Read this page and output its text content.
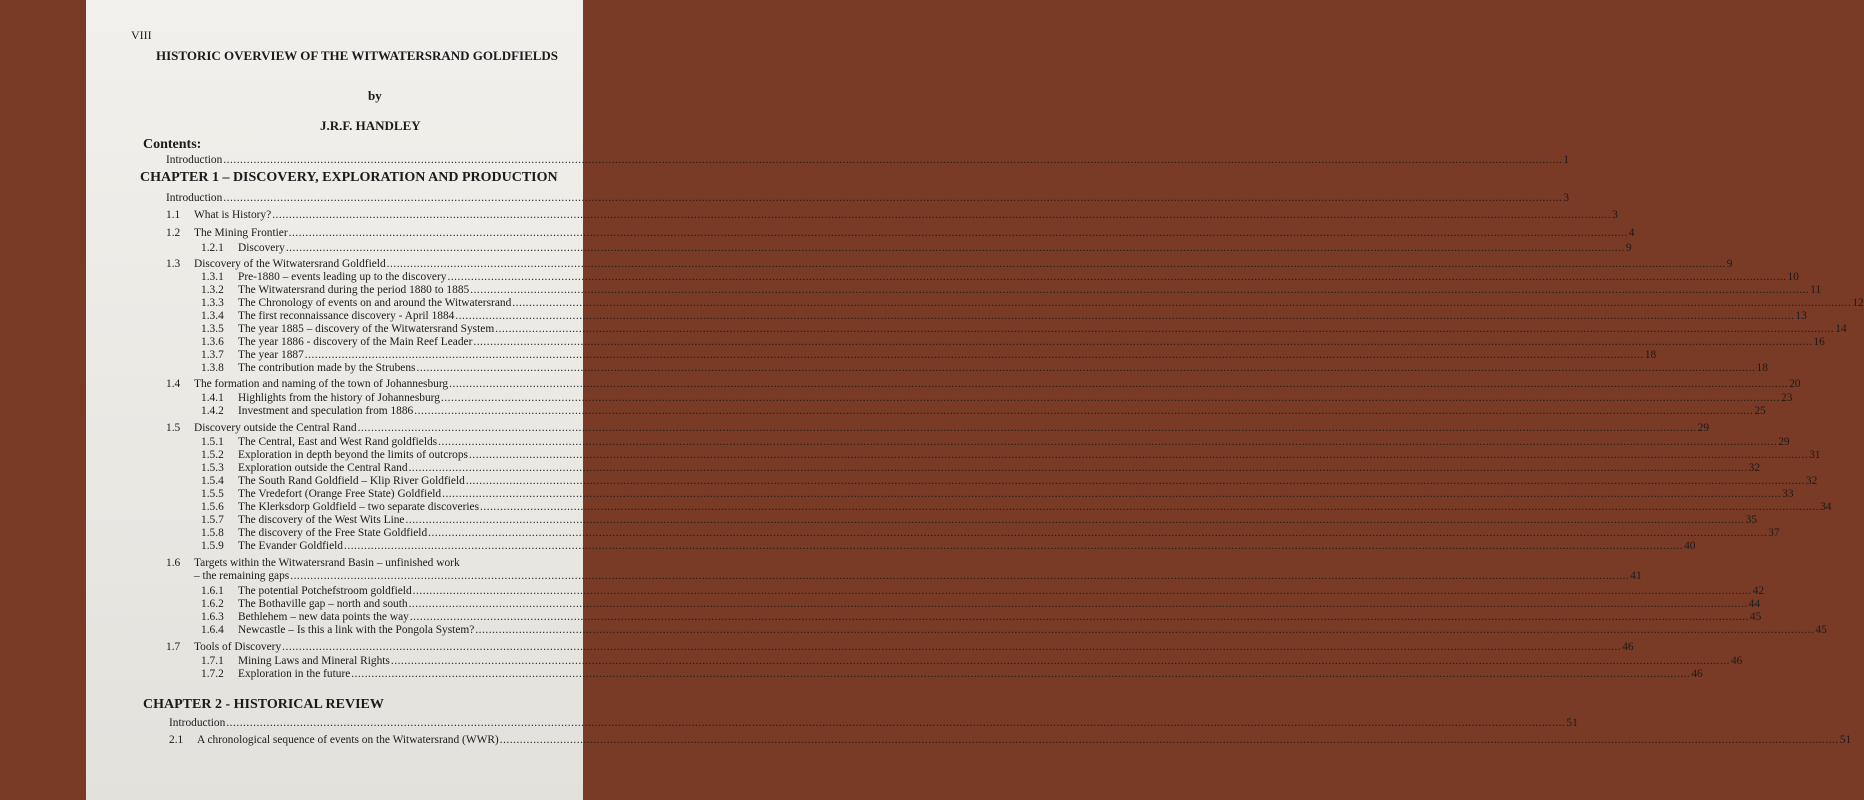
VIII
HISTORIC OVERVIEW OF THE WITWATERSRAND GOLDFIELDS
by
J.R.F. HANDLEY
Contents:
CHAPTER 1 – DISCOVERY, EXPLORATION AND PRODUCTION
CHAPTER 2 - HISTORICAL REVIEW
Introduction ................................................................................................................................................................................................................................................................................................................................................................................................................ 1
Introduction ................................................................................................................................................................................................................................................................................................................................................................................................................ 3
1.1	What is History? ................................................................................................................................................................................................................................................................................................................................................................................................................ 3
1.2	The Mining Frontier ................................................................................................................................................................................................................................................................................................................................................................................................................ 4
1.2.1	Discovery ................................................................................................................................................................................................................................................................................................................................................................................................................ 9
1.3	Discovery of the Witwatersrand Goldfield ................................................................................................................................................................................................................................................................................................................................................................................................................ 9
1.3.1	Pre-1880 – events leading up to the discovery ................................................................................................................................................................................................................................................................................................................................................................................................................ 10
1.3.2	The Witwatersrand during the period 1880 to 1885 ................................................................................................................................................................................................................................................................................................................................................................................................................ 11
1.3.3	The Chronology of events on and around the Witwatersrand ................................................................................................................................................................................................................................................................................................................................................................................................................ 12
1.3.4	The first reconnaissance discovery - April 1884 ................................................................................................................................................................................................................................................................................................................................................................................................................ 13
1.3.5	The year 1885 – discovery of the Witwatersrand System ................................................................................................................................................................................................................................................................................................................................................................................................................ 14
1.3.6	The year 1886 - discovery of the Main Reef Leader ................................................................................................................................................................................................................................................................................................................................................................................................................ 16
1.3.7	The year 1887 ................................................................................................................................................................................................................................................................................................................................................................................................................ 18
1.3.8	The contribution made by the Strubens ................................................................................................................................................................................................................................................................................................................................................................................................................ 18
1.4	The formation and naming of the town of Johannesburg ................................................................................................................................................................................................................................................................................................................................................................................................................ 20
1.4.1	Highlights from the history of Johannesburg ................................................................................................................................................................................................................................................................................................................................................................................................................ 23
1.4.2	Investment and speculation from 1886 ................................................................................................................................................................................................................................................................................................................................................................................................................ 25
1.5	Discovery outside the Central Rand ................................................................................................................................................................................................................................................................................................................................................................................................................ 29
1.5.1	The Central, East and West Rand goldfields ................................................................................................................................................................................................................................................................................................................................................................................................................ 29
1.5.2	Exploration in depth beyond the limits of outcrops ................................................................................................................................................................................................................................................................................................................................................................................................................ 31
1.5.3	Exploration outside the Central Rand ................................................................................................................................................................................................................................................................................................................................................................................................................ 32
1.5.4	The South Rand Goldfield – Klip River Goldfield ................................................................................................................................................................................................................................................................................................................................................................................................................ 32
1.5.5	The Vredefort (Orange Free State) Goldfield ................................................................................................................................................................................................................................................................................................................................................................................................................ 33
1.5.6	The Klerksdorp Goldfield – two separate discoveries ................................................................................................................................................................................................................................................................................................................................................................................................................ 34
1.5.7	The discovery of the West Wits Line ................................................................................................................................................................................................................................................................................................................................................................................................................ 35
1.5.8	The discovery of the Free State Goldfield ................................................................................................................................................................................................................................................................................................................................................................................................................ 37
1.5.9	The Evander Goldfield ................................................................................................................................................................................................................................................................................................................................................................................................................ 40
1.6	Targets within the Witwatersrand Basin – unfinished work
– the remaining gaps ................................................................................................................................................................................................................................................................................................................................................................................................................ 41
1.6.1	The potential Potchefstroom goldfield ................................................................................................................................................................................................................................................................................................................................................................................................................ 42
1.6.2	The Bothaville gap – north and south ................................................................................................................................................................................................................................................................................................................................................................................................................ 44
1.6.3	Bethlehem – new data points the way ................................................................................................................................................................................................................................................................................................................................................................................................................ 45
1.6.4	Newcastle – Is this a link with the Pongola System? ................................................................................................................................................................................................................................................................................................................................................................................................................ 45
1.7	Tools of Discovery ................................................................................................................................................................................................................................................................................................................................................................................................................ 46
1.7.1	Mining Laws and Mineral Rights ................................................................................................................................................................................................................................................................................................................................................................................................................ 46
1.7.2	Exploration in the future ................................................................................................................................................................................................................................................................................................................................................................................................................ 46
Introduction ................................................................................................................................................................................................................................................................................................................................................................................................................ 51
2.1	A chronological sequence of events on the Witwatersrand (WWR) ................................................................................................................................................................................................................................................................................................................................................................................................................ 51
